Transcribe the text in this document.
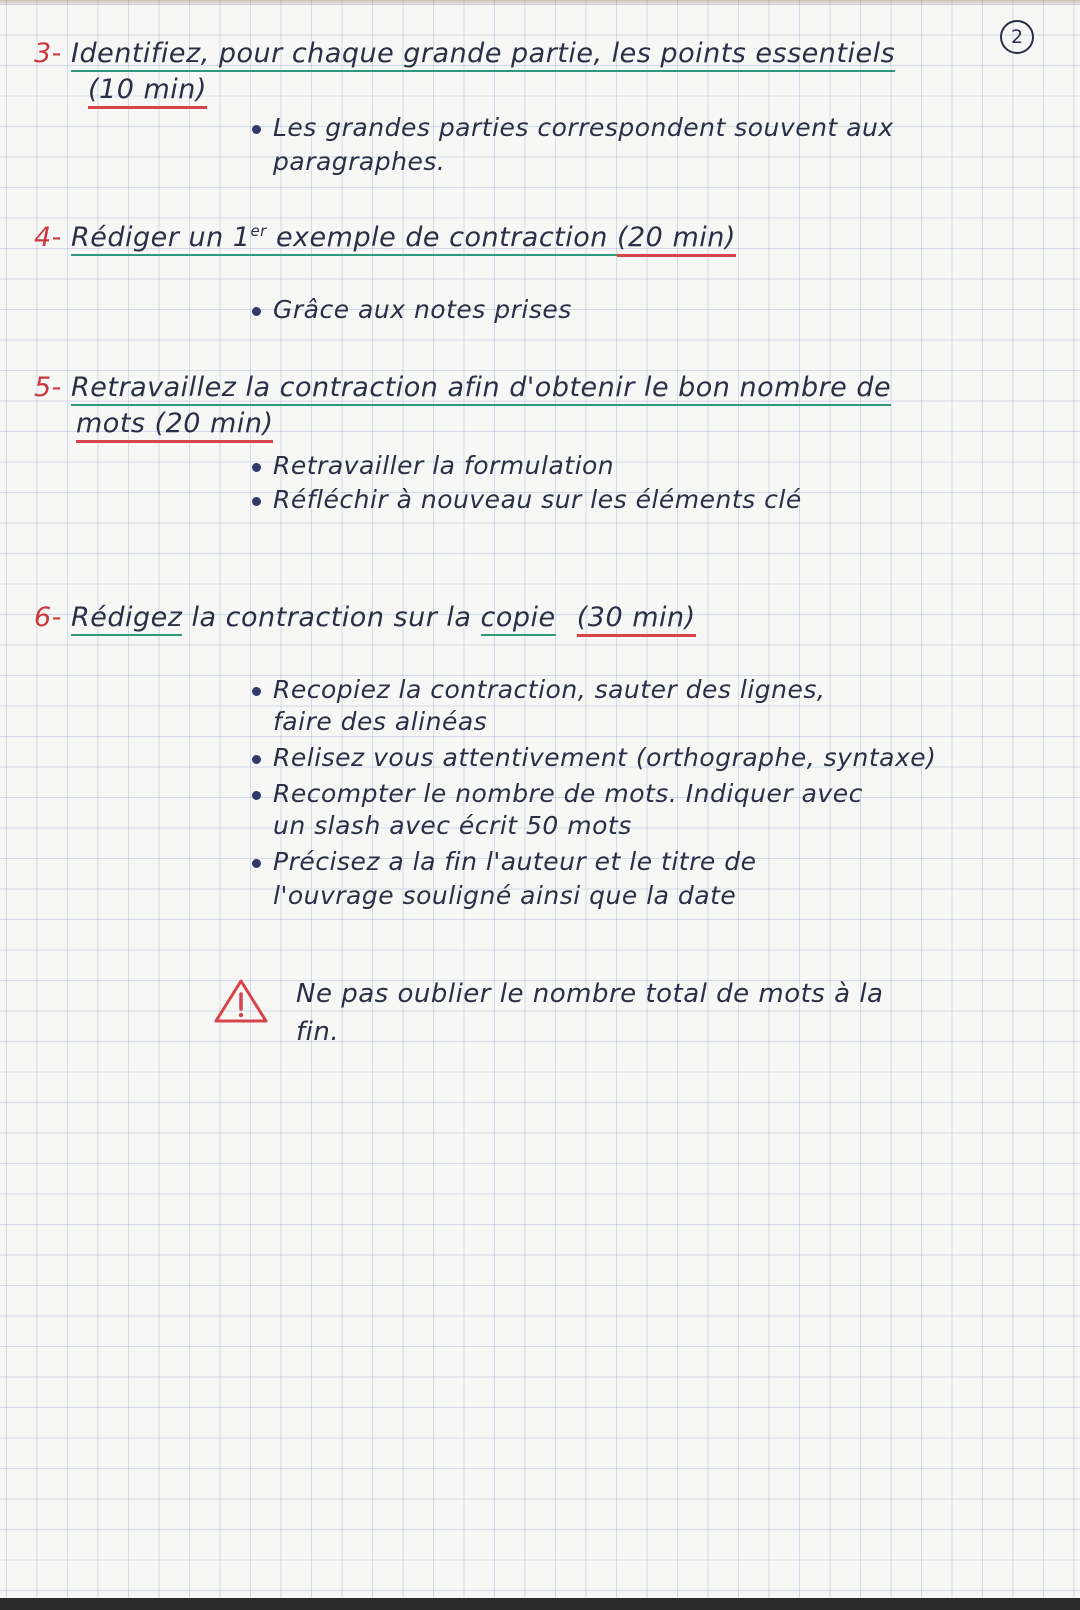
2
3- Identifiez, pour chaque grande partie, les points essentiels
(10 min)
Les grandes parties correspondent souvent aux
paragraphes.
4- Rédiger un 1er exemple de contraction (20 min)
Grâce aux notes prises
5- Retravaillez la contraction afin d'obtenir le bon nombre de
mots (20 min)
Retravailler la formulation
Réfléchir à nouveau sur les éléments clé
6- Rédigez la contraction sur la copie (30 min)
Recopiez la contraction, sauter des lignes,
faire des alinéas
Relisez vous attentivement (orthographe, syntaxe)
Recompter le nombre de mots. Indiquer avec
un slash avec écrit 50 mots
Précisez a la fin l'auteur et le titre de
l'ouvrage souligné ainsi que la date
Ne pas oublier le nombre total de mots à la
fin.
